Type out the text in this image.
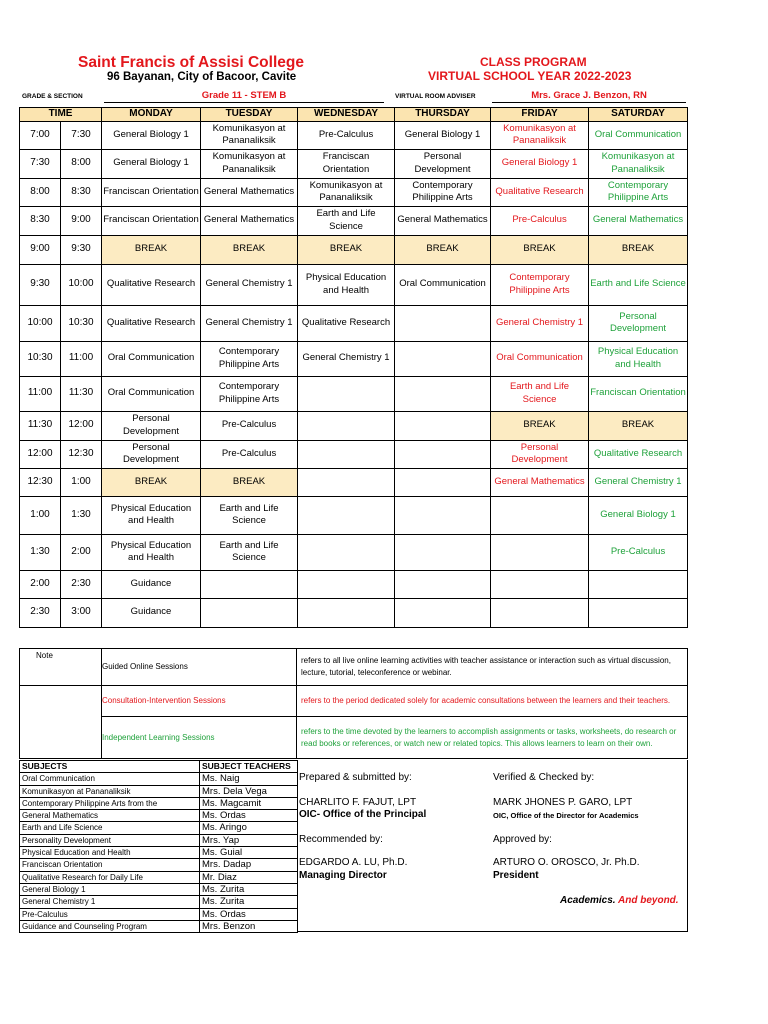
Saint Francis of Assisi College
96 Bayanan, City of Bacoor, Cavite
CLASS PROGRAM
VIRTUAL SCHOOL YEAR 2022-2023
GRADE & SECTION	Grade 11 - STEM B	VIRTUAL ROOM ADVISER	Mrs. Grace J. Benzon, RN
TIME		MONDAY	TUESDAY	WEDNESDAY	THURSDAY	FRIDAY	SATURDAY
7:00	7:30	General Biology 1	Komunikasyon at Pananaliksik	Pre-Calculus	General Biology 1	Komunikasyon at Pananaliksik	Oral Communication
7:30	8:00	General Biology 1	Komunikasyon at Pananaliksik	Franciscan Orientation	Personal Development	General Biology 1	Komunikasyon at Pananaliksik
8:00	8:30	Franciscan Orientation	General Mathematics	Komunikasyon at Pananaliksik	Contemporary Philippine Arts	Qualitative Research	Contemporary Philippine Arts
8:30	9:00	Franciscan Orientation	General Mathematics	Earth and Life Science	General Mathematics	Pre-Calculus	General Mathematics
9:00	9:30	BREAK	BREAK	BREAK	BREAK	BREAK	BREAK
9:30	10:00	Qualitative Research	General Chemistry 1	Physical Education and Health	Oral Communication	Contemporary Philippine Arts	Earth and Life Science
10:00	10:30	Qualitative Research	General Chemistry 1	Qualitative Research		General Chemistry 1	Personal Development
10:30	11:00	Oral Communication	Contemporary Philippine Arts	General Chemistry 1		Oral Communication	Physical Education and Health
11:00	11:30	Oral Communication	Contemporary Philippine Arts			Earth and Life Science	Franciscan Orientation
11:30	12:00	Personal Development	Pre-Calculus			BREAK	BREAK
12:00	12:30	Personal Development	Pre-Calculus			Personal Development	Qualitative Research
12:30	1:00	BREAK	BREAK			General Mathematics	General Chemistry 1
1:00	1:30	Physical Education and Health	Earth and Life Science				General Biology 1
1:30	2:00	Physical Education and Health	Earth and Life Science				Pre-Calculus
2:00	2:30	Guidance					
2:30	3:00	Guidance					
Note	Guided Online Sessions	refers to all live online learning activities with teacher assistance or interaction such as virtual discussion, lecture, tutorial, teleconference or webinar.
	Consultation-Intervention Sessions	refers to the period dedicated solely for academic consultations between the learners and their teachers.
	Independent Learning Sessions	refers to the time devoted by the learners to accomplish assignments or tasks, worksheets, do research or read books or references, or watch new or related topics. This allows learners to learn on their own.
SUBJECTS	SUBJECT TEACHERS
Oral Communication	Ms. Naig
Komunikasyon at Pananaliksik	Mrs. Dela Vega
Contemporary Philippine Arts from the	Ms. Magcamit
General Mathematics	Ms. Ordas
Earth and Life Science	Ms. Aringo
Personality Development	Mrs. Yap
Physical Education and Health	Ms. Guial
Franciscan Orientation	Mrs. Dadap
Qualitative Research for Daily Life	Mr. Diaz
General Biology 1	Ms. Zurita
General Chemistry 1	Ms. Zurita
Pre-Calculus	Ms. Ordas
Guidance and Counseling Program	Mrs. Benzon
Prepared & submitted by:
CHARLITO F. FAJUT, LPT
OIC- Office of the Principal
Verified & Checked by:
MARK JHONES P. GARO, LPT
OIC, Office of the Director for Academics
Recommended by:
EDGARDO A. LU, Ph.D.
Managing Director
Approved by:
ARTURO O. OROSCO, Jr. Ph.D.
President
Academics. And beyond.
